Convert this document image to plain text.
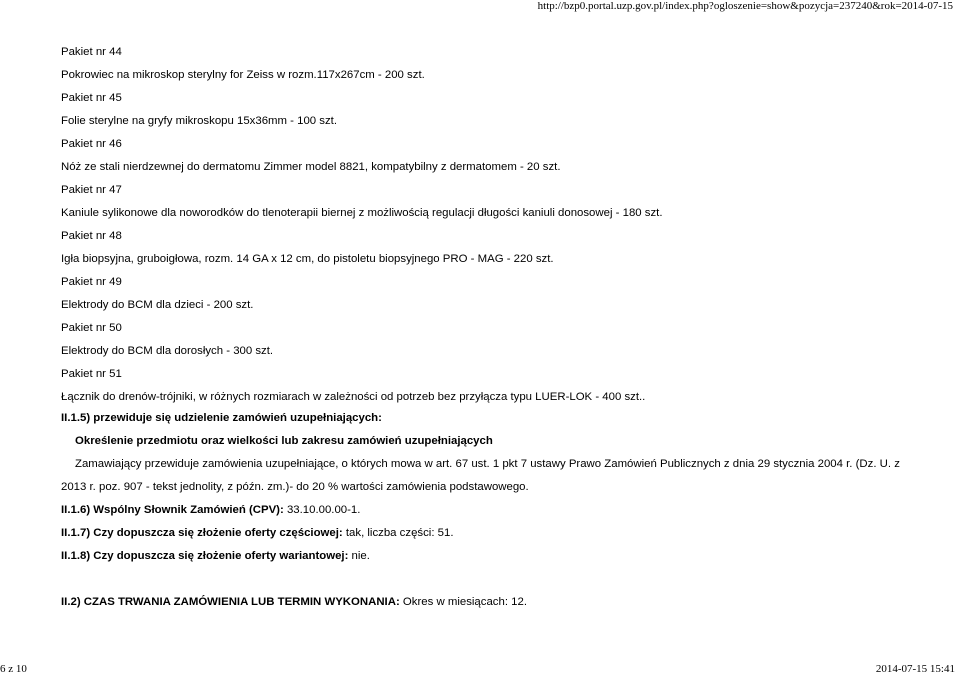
http://bzp0.portal.uzp.gov.pl/index.php?ogloszenie=show&pozycja=237240&rok=2014-07-15
Pakiet nr 44
Pokrowiec na mikroskop sterylny for Zeiss w rozm.117x267cm - 200 szt.
Pakiet nr 45
Folie sterylne na gryfy mikroskopu 15x36mm - 100 szt.
Pakiet nr 46
Nóż ze stali nierdzewnej do dermatomu Zimmer model 8821, kompatybilny z dermatomem - 20 szt.
Pakiet nr 47
Kaniule sylikonowe dla noworodków do tlenoterapii biernej z możliwością regulacji długości kaniuli donosowej - 180 szt.
Pakiet nr 48
Igła biopsyjna, gruboigłowa, rozm. 14 GA x 12 cm, do pistoletu biopsyjnego PRO - MAG - 220 szt.
Pakiet nr 49
Elektrody do BCM dla dzieci - 200 szt.
Pakiet nr 50
Elektrody do BCM dla dorosłych - 300 szt.
Pakiet nr 51
Łącznik do drenów-trójniki, w różnych rozmiarach w zależności od potrzeb bez przyłącza typu LUER-LOK - 400 szt..
II.1.5) przewiduje się udzielenie zamówień uzupełniających:
Określenie przedmiotu oraz wielkości lub zakresu zamówień uzupełniających
Zamawiający przewiduje zamówienia uzupełniające, o których mowa w art. 67 ust. 1 pkt 7 ustawy Prawo Zamówień Publicznych z dnia 29 stycznia 2004 r. (Dz. U. z
2013 r. poz. 907 - tekst jednolity, z późn. zm.)- do 20 % wartości zamówienia podstawowego.
II.1.6) Wspólny Słownik Zamówień (CPV): 33.10.00.00-1.
II.1.7) Czy dopuszcza się złożenie oferty częściowej: tak, liczba części: 51.
II.1.8) Czy dopuszcza się złożenie oferty wariantowej: nie.
II.2) CZAS TRWANIA ZAMÓWIENIA LUB TERMIN WYKONANIA: Okres w miesiącach: 12.
6 z 10	2014-07-15 15:41
